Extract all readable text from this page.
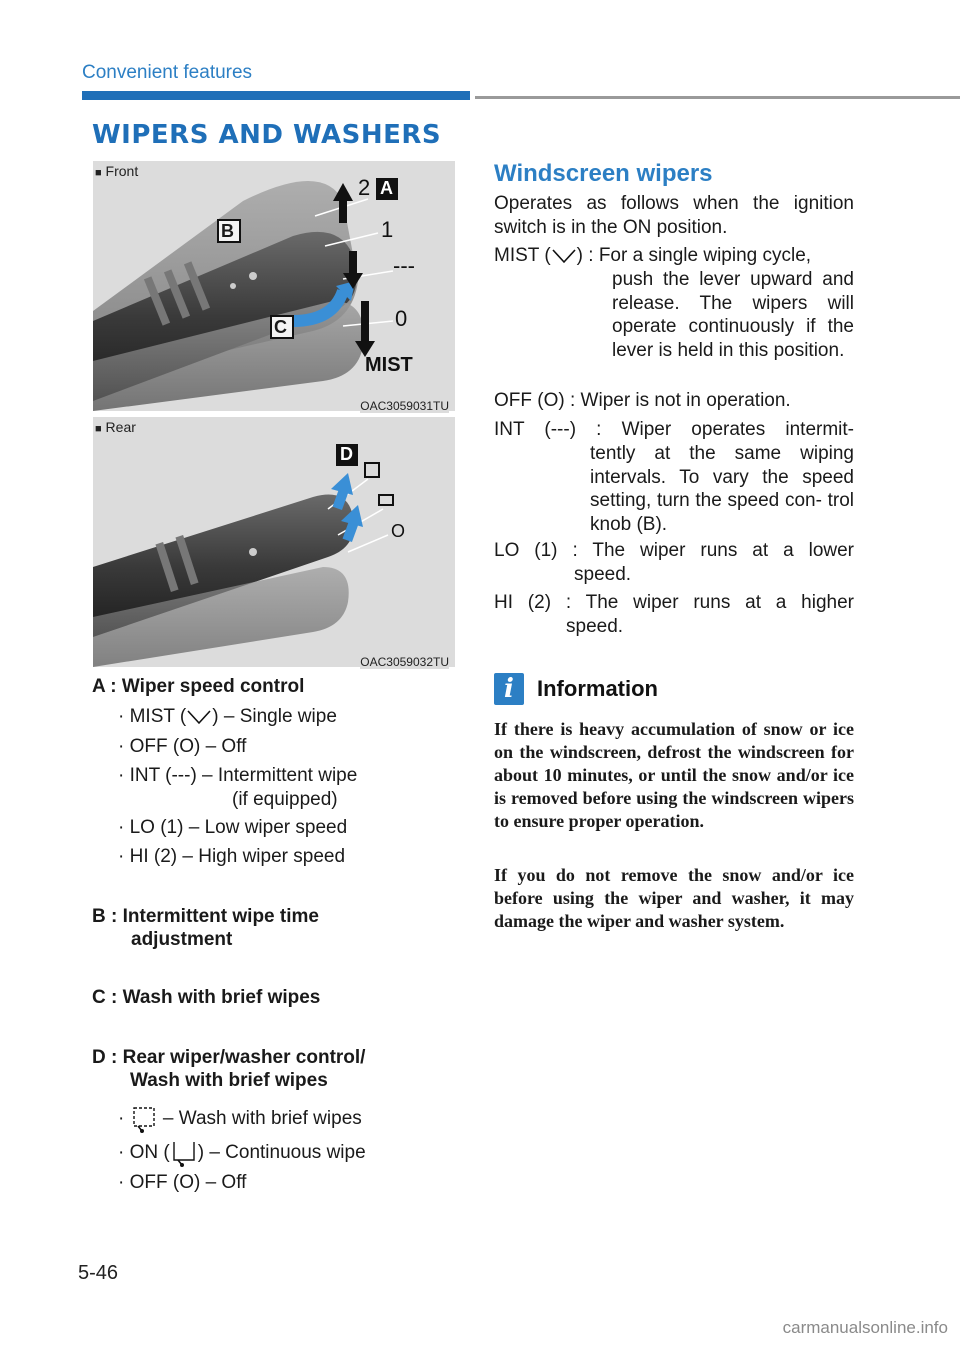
Convenient features
WIPERS AND WASHERS
■ Front
B
C
A
2
1
---
0
MIST
OAC3059031TU
■ Rear
D
O
OAC3059032TU
A : Wiper speed control
· MIST ( ) – Single wipe
· OFF (O) – Off
· INT (---) – Intermittent wipe
(if equipped)
· LO (1) – Low wiper speed
· HI (2) – High wiper speed
B : Intermittent wipe time
adjustment
C : Wash with brief wipes
D : Rear wiper/washer control/
Wash with brief wipes
· – Wash with brief wipes
· ON ( ) – Continuous wipe
· OFF (O) – Off
Windscreen wipers
Operates as follows when the ignition switch is in the ON position.
MIST ( ) : For a single wiping cycle,
push the lever upward and release. The wipers will operate continuously if the lever is held in this position.
OFF (O) : Wiper is not in operation.
INT (---) : Wiper operates intermit-
tently at the same wiping intervals. To vary the speed setting, turn the speed con- trol knob (B).
LO (1) : The wiper runs at a lower
speed.
HI (2) : The wiper runs at a higher
speed.
i	Information
If there is heavy accumulation of snow or ice on the windscreen, defrost the windscreen for about 10 minutes, or until the snow and/or ice is removed before using the windscreen wipers to ensure proper operation.
If you do not remove the snow and/or ice before using the wiper and washer, it may damage the wiper and washer system.
5-46
carmanualsonline.info
